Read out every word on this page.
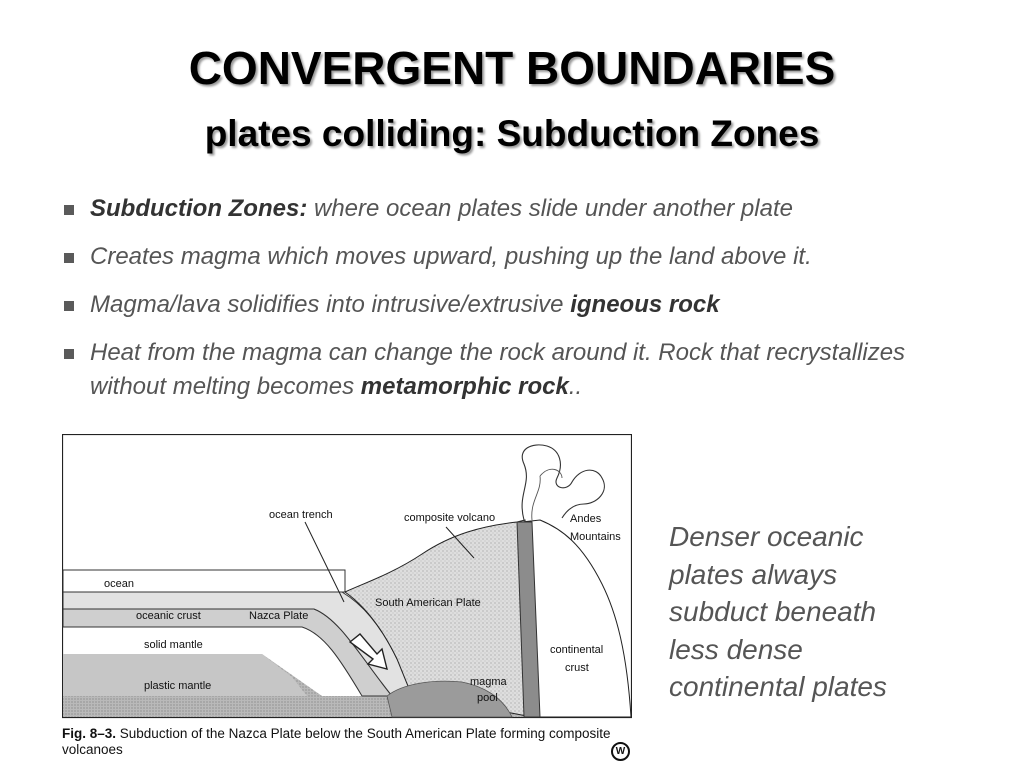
CONVERGENT BOUNDARIES
plates colliding: Subduction Zones
Subduction Zones: where ocean plates slide under another plate
Creates magma which moves upward, pushing up the land above it.
Magma/lava solidifies into intrusive/extrusive igneous rock
Heat from the magma can change the rock around it. Rock that recrystallizes without melting becomes metamorphic rock..
ocean trench	composite volcano	Andes
Mountains
ocean
oceanic crust	Nazca Plate
South American Plate
solid mantle
plastic mantle
continental
crust
magma
pool
Fig. 8–3. Subduction of the Nazca Plate below the South American Plate forming composite volcanoes	W
Denser oceanic
plates always
subduct beneath
less dense
continental plates
